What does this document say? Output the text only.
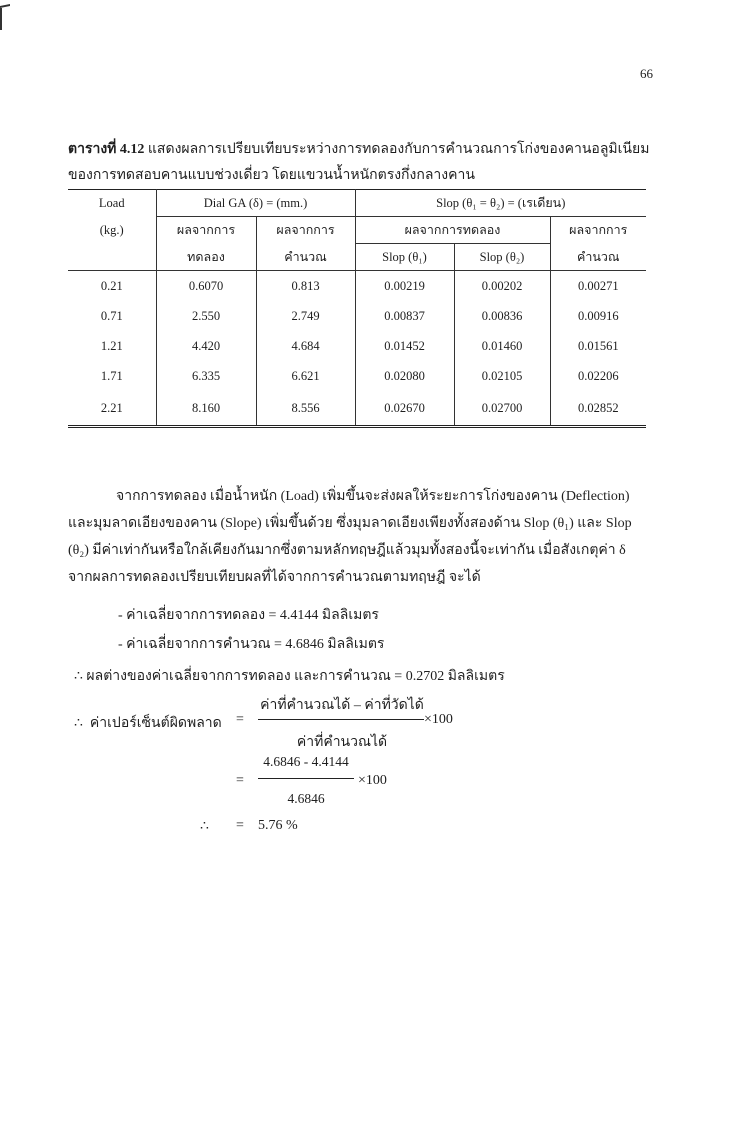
66
ตารางที่ 4.12 แสดงผลการเปรียบเทียบระหว่างการทดลองกับการคำนวณการโก่งของคานอลูมิเนียม
ของการทดสอบคานแบบช่วงเดี่ยว โดยแขวนน้ำหนักตรงกึ่งกลางคาน
Load	Dial GA (δ) = (mm.)		Slop (θ₁ = θ₂) = (เรเดียน)		
(kg.)	ผลจากการ	ผลจากการ	ผลจากการทดลอง		ผลจากการ
	ทดลอง	คำนวณ	Slop (θ₁)	Slop (θ₂)	คำนวณ
0.21	0.6070	0.813	0.00219	0.00202	0.00271
0.71	2.550	2.749	0.00837	0.00836	0.00916
1.21	4.420	4.684	0.01452	0.01460	0.01561
1.71	6.335	6.621	0.02080	0.02105	0.02206
2.21	8.160	8.556	0.02670	0.02700	0.02852
จากการทดลอง เมื่อน้ำหนัก (Load) เพิ่มขึ้นจะส่งผลให้ระยะการโก่งของคาน (Deflection)
และมุมลาดเอียงของคาน (Slope) เพิ่มขึ้นด้วย ซึ่งมุมลาดเอียงเพียงทั้งสองด้าน Slop (θ₁) และ Slop
(θ₂) มีค่าเท่ากันหรือใกล้เคียงกันมากซึ่งตามหลักทฤษฎีแล้วมุมทั้งสองนี้จะเท่ากัน เมื่อสังเกตุค่า δ
จากผลการทดลองเปรียบเทียบผลที่ได้จากการคำนวณตามทฤษฎี จะได้
- ค่าเฉลี่ยจากการทดลอง = 4.4144 มิลลิเมตร
- ค่าเฉลี่ยจากการคำนวณ = 4.6846 มิลลิเมตร
∴ ผลต่างของค่าเฉลี่ยจากการทดลอง และการคำนวณ = 0.2702 มิลลิเมตร
∴ ค่าเปอร์เซ็นต์ผิดพลาด =
ค่าที่คำนวณได้ – ค่าที่วัดได้
×100
ค่าที่คำนวณได้
=
4.6846 - 4.4144
×100
4.6846
∴ = 5.76 %
